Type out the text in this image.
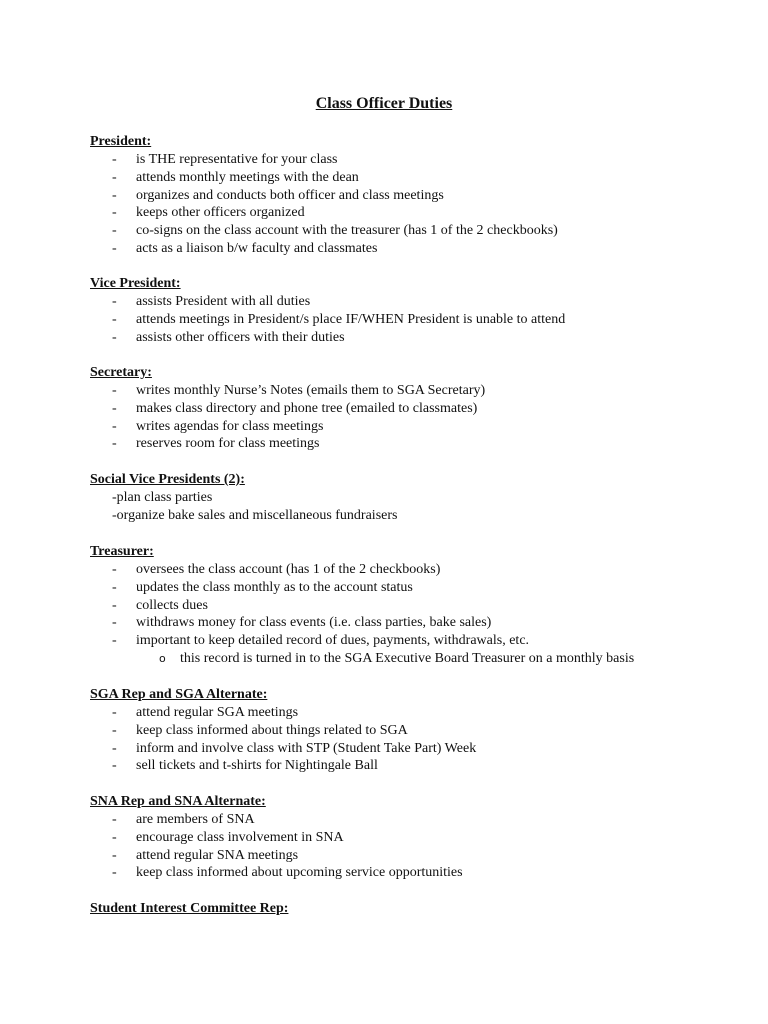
Class Officer Duties
President:
- is THE representative for your class
- attends monthly meetings with the dean
- organizes and conducts both officer and class meetings
- keeps other officers organized
- co-signs on the class account with the treasurer (has 1 of the 2 checkbooks)
- acts as a liaison b/w faculty and classmates
Vice President:
- assists President with all duties
- attends meetings in President/s place IF/WHEN President is unable to attend
- assists other officers with their duties
Secretary:
- writes monthly Nurse’s Notes (emails them to SGA Secretary)
- makes class directory and phone tree (emailed to classmates)
- writes agendas for class meetings
- reserves room for class meetings
Social Vice Presidents (2):
-plan class parties
-organize bake sales and miscellaneous fundraisers
Treasurer:
- oversees the class account (has 1 of the 2 checkbooks)
- updates the class monthly as to the account status
- collects dues
- withdraws money for class events (i.e. class parties, bake sales)
- important to keep detailed record of dues, payments, withdrawals, etc.
o this record is turned in to the SGA Executive Board Treasurer on a monthly basis
SGA Rep and SGA Alternate:
- attend regular SGA meetings
- keep class informed about things related to SGA
- inform and involve class with STP (Student Take Part) Week
- sell tickets and t-shirts for Nightingale Ball
SNA Rep and SNA Alternate:
- are members of SNA
- encourage class involvement in SNA
- attend regular SNA meetings
- keep class informed about upcoming service opportunities
Student Interest Committee Rep:
